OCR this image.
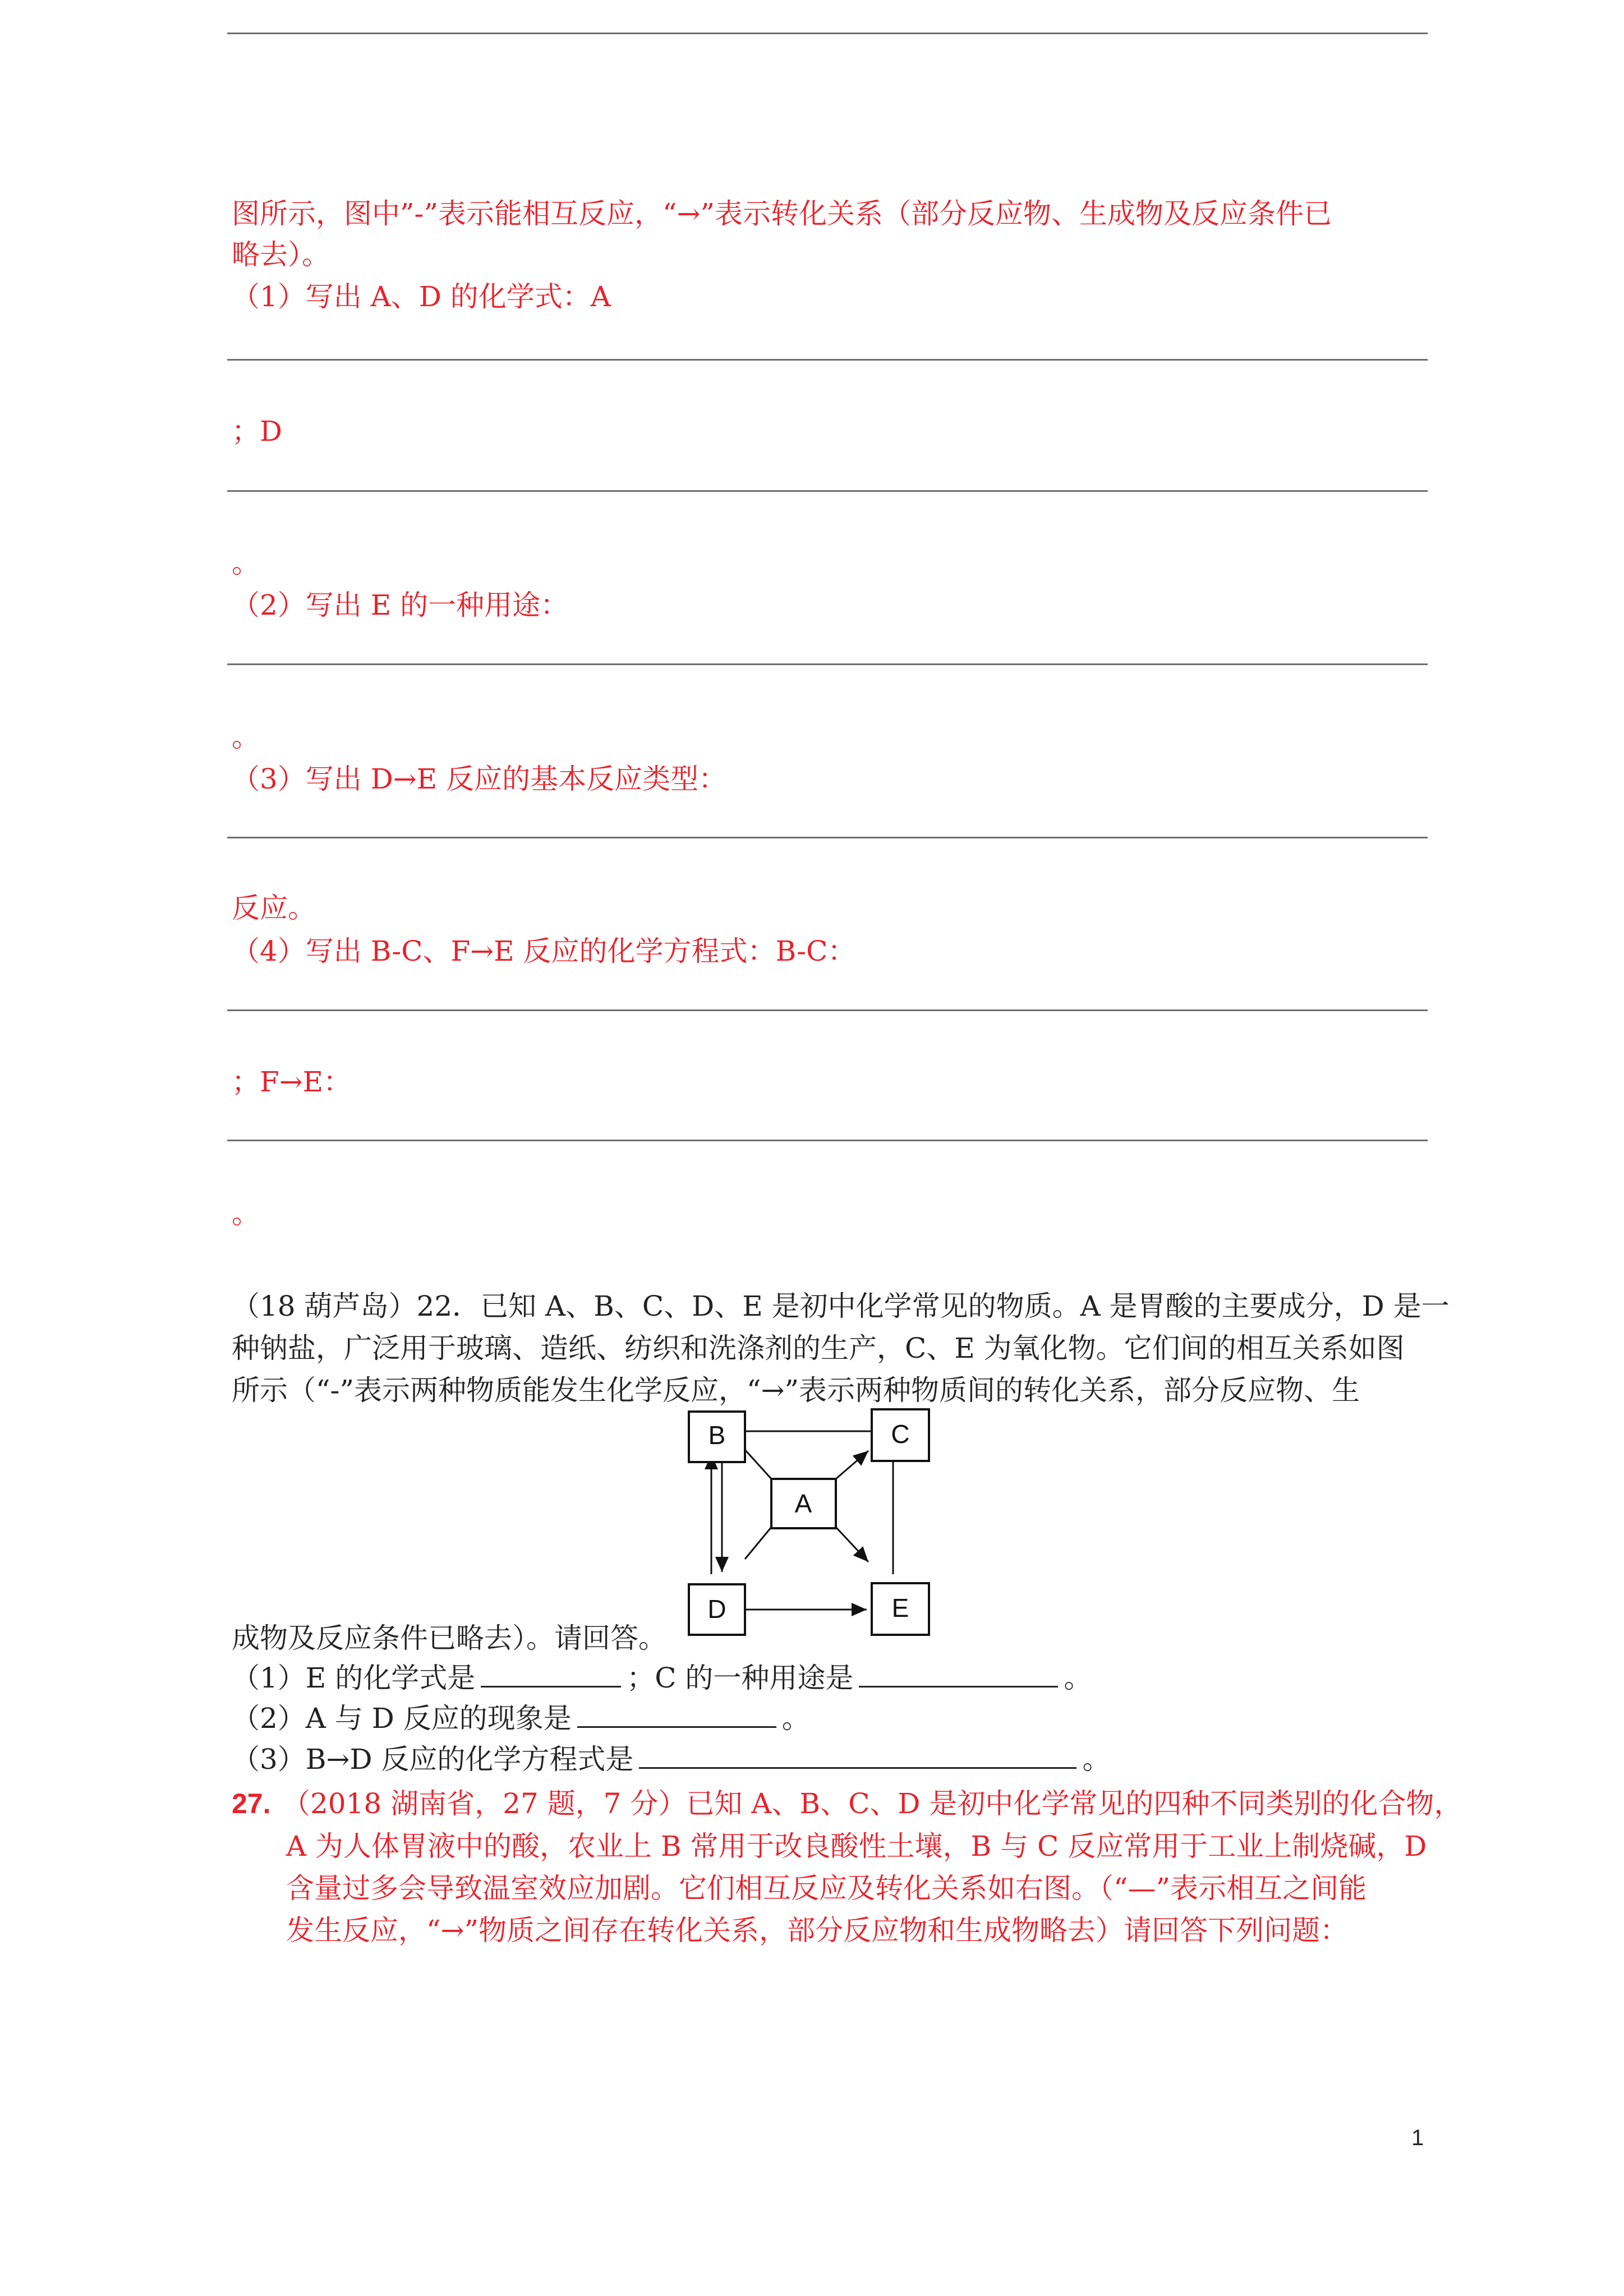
图所示，图中”-”表示能相互反应，“→”表示转化关系（部分反应物、生成物及反应条件已
略去）。
（1）写出 A、D 的化学式：A
；D
。
（2）写出 E 的一种用途：
。
（3）写出 D→E 反应的基本反应类型：
反应。
（4）写出 B-C、F→E 反应的化学方程式：B-C：
；F→E：
。
（18 葫芦岛）22．已知 A、B、C、D、E 是初中化学常见的物质。A 是胃酸的主要成分，D 是一
种钠盐，广泛用于玻璃、造纸、纺织和洗涤剂的生产，C、E 为氧化物。它们间的相互关系如图
所示（“-”表示两种物质能发生化学反应，“→”表示两种物质间的转化关系，部分反应物、生
B	C
A
D	E
成物及反应条件已略去）。请回答。
（1）E 的化学式是	；C 的一种用途是	。
（2）A 与 D 反应的现象是	。
（3）B→D 反应的化学方程式是	。
27. （2018 湖南省，27 题，7 分）已知 A、B、C、D 是初中化学常见的四种不同类别的化合物，
A 为人体胃液中的酸，农业上 B 常用于改良酸性土壤，B 与 C 反应常用于工业上制烧碱，D
含量过多会导致温室效应加剧。它们相互反应及转化关系如右图。（“—”表示相互之间能
发生反应，“→”物质之间存在转化关系，部分反应物和生成物略去）请回答下列问题：
1
